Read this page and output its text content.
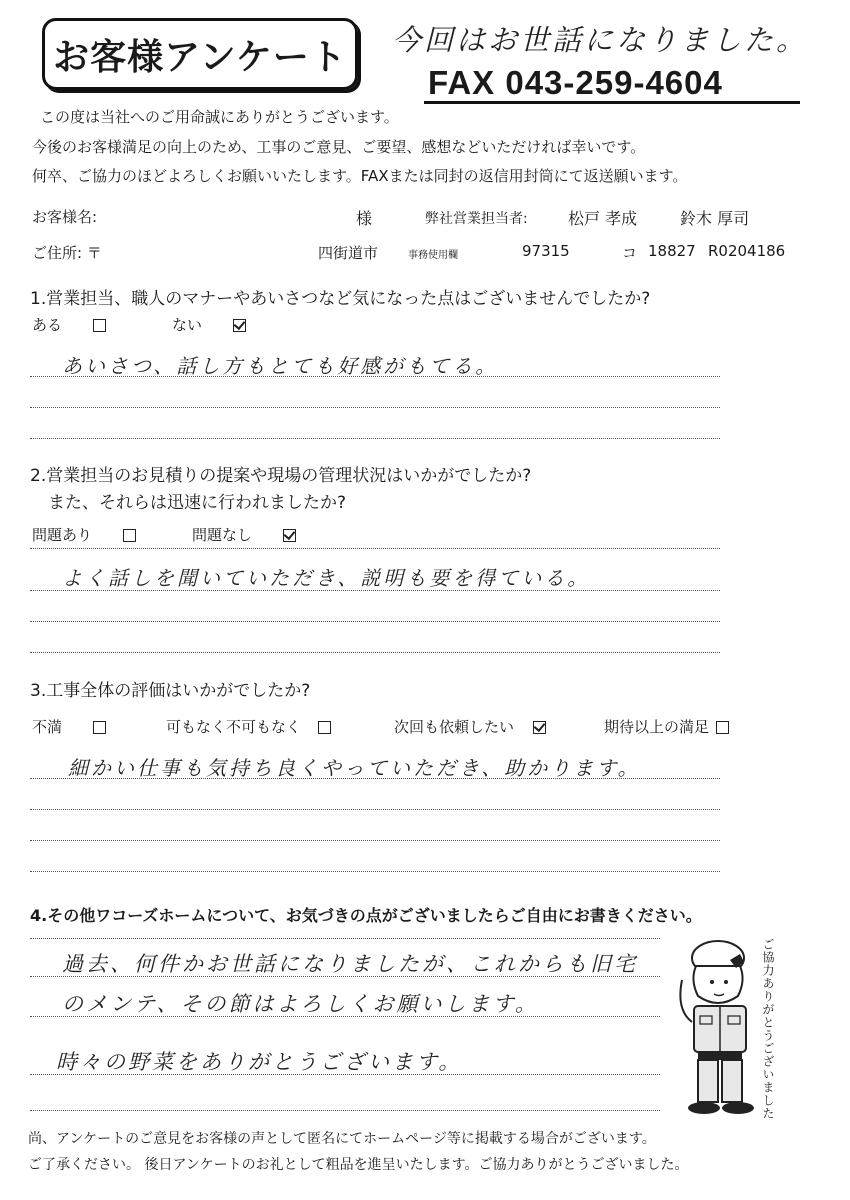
お客様アンケート 今回はお世話になりました。
FAX 043-259-4604
この度は当社へのご用命誠にありがとうございます。
今後のお客様満足の向上のため、工事のご意見、ご要望、感想などいただければ幸いです。
何卒、ご協力のほどよろしくお願いいたします。FAXまたは同封の返信用封筒にて返送願います。
お客様名:	様	弊社営業担当者:	松戸 孝成	鈴木 厚司
ご住所: 〒	四街道市	事務使用欄	97315	コ 18827 R0204186
1.営業担当、職人のマナーやあいさつなど気になった点はございませんでしたか?
ある	ない
あいさつ、話し方もとても好感がもてる。
2.営業担当のお見積りの提案や現場の管理状況はいかがでしたか?
また、それらは迅速に行われましたか?
問題あり	問題なし
よく話しを聞いていただき、説明も要を得ている。
3.工事全体の評価はいかがでしたか?
不満	可もなく不可もなく	次回も依頼したい	期待以上の満足
細かい仕事も気持ち良くやっていただき、助かります。
4.その他ワコーズホームについて、お気づきの点がございましたらご自由にお書きください。
過去、何件かお世話になりましたが、これからも旧宅
のメンテ、その節はよろしくお願いします。
時々の野菜をありがとうございます。	ご協力ありがとうございました
尚、アンケートのご意見をお客様の声として匿名にてホームページ等に掲載する場合がございます。
ご了承ください。 後日アンケートのお礼として粗品を進呈いたします。ご協力ありがとうございました。
